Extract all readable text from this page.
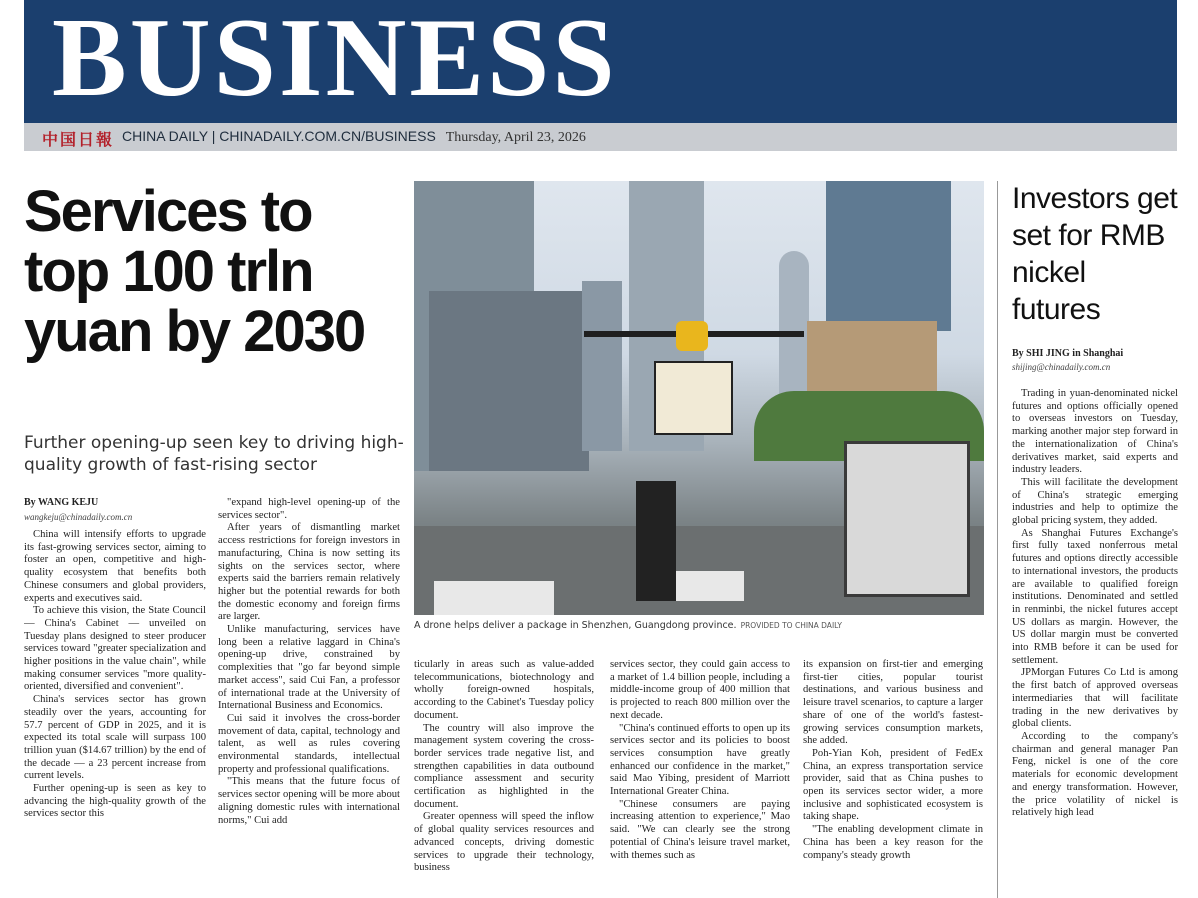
BUSINESS
中国日報 CHINA DAILY | CHINADAILY.COM.CN/BUSINESS Thursday, April 23, 2026
Services to top 100 trln yuan by 2030
Further opening-up seen key to driving high-quality growth of fast-rising sector
By WANG KEJU
wangkeju@chinadaily.com.cn

China will intensify efforts to upgrade its fast-growing services sector, aiming to foster an open, competitive and high-quality ecosystem that benefits both Chinese consumers and global providers, experts and executives said.

To achieve this vision, the State Council — China's Cabinet — unveiled on Tuesday plans designed to steer producer services toward "greater specialization and higher positions in the value chain", while making consumer services "more quality-oriented, diversified and convenient".

China's services sector has grown steadily over the years, accounting for 57.7 percent of GDP in 2025, and it is expected its total scale will surpass 100 trillion yuan ($14.67 trillion) by the end of the decade — a 23 percent increase from current levels.

Further opening-up is seen as key to advancing the high-quality growth of the services sector this

"expand high-level opening-up of the services sector".

After years of dismantling market access restrictions for foreign investors in manufacturing, China is now setting its sights on the services sector, where experts said the barriers remain relatively higher but the potential rewards for both the domestic economy and foreign firms are larger.

Unlike manufacturing, services have long been a relative laggard in China's opening-up drive, constrained by complexities that "go far beyond simple market access", said Cui Fan, a professor of international trade at the University of International Business and Economics.

Cui said it involves the cross-border movement of data, capital, technology and talent, as well as rules covering environmental standards, intellectual property and professional qualifications.

"This means that the future focus of services sector opening will be more about aligning domestic rules with international norms," Cui add

A drone helps deliver a package in Shenzhen, Guangdong province. PROVIDED TO CHINA DAILY

ticularly in areas such as value-added telecommunications, biotechnology and wholly foreign-owned hospitals, according to the Cabinet's Tuesday policy document.

The country will also improve the management system covering the cross-border services trade negative list, and strengthen capabilities in data outbound compliance assessment and security certification as highlighted in the document.

Greater openness will speed the inflow of global quality services resources and advanced concepts, driving domestic services to upgrade their technology, business

services sector, they could gain access to a market of 1.4 billion people, including a middle-income group of 400 million that is projected to reach 800 million over the next decade.

"China's continued efforts to open up its services sector and its policies to boost services consumption have greatly enhanced our confidence in the market," said Mao Yibing, president of Marriott International Greater China.

"Chinese consumers are paying increasing attention to experience," Mao said. "We can clearly see the strong potential of China's leisure travel market, with themes such as

its expansion on first-tier and emerging first-tier cities, popular tourist destinations, and various business and leisure travel scenarios, to capture a larger share of one of the world's fastest-growing services consumption markets, she added.

Poh-Yian Koh, president of FedEx China, an express transportation service provider, said that as China pushes to open its services sector wider, a more inclusive and sophisticated ecosystem is taking shape.

"The enabling development climate in China has been a key reason for the company's steady growth

Investors get set for RMB nickel futures
By SHI JING in Shanghai
shijing@chinadaily.com.cn

Trading in yuan-denominated nickel futures and options officially opened to overseas investors on Tuesday, marking another major step forward in the internationalization of China's derivatives market, said experts and industry leaders.

This will facilitate the development of China's strategic emerging industries and help to optimize the global pricing system, they added.

As Shanghai Futures Exchange's first fully taxed nonferrous metal futures and options directly accessible to international investors, the products are available to qualified foreign institutions. Denominated and settled in renminbi, the nickel futures accept US dollars as margin. However, the US dollar margin must be converted into RMB before it can be used for settlement.

JPMorgan Futures Co Ltd is among the first batch of approved overseas intermediaries that will facilitate trading in the new derivatives by global clients.

According to the company's chairman and general manager Pan Feng, nickel is one of the core materials for economic development and energy transformation. However, the price volatility of nickel is relatively high lead
